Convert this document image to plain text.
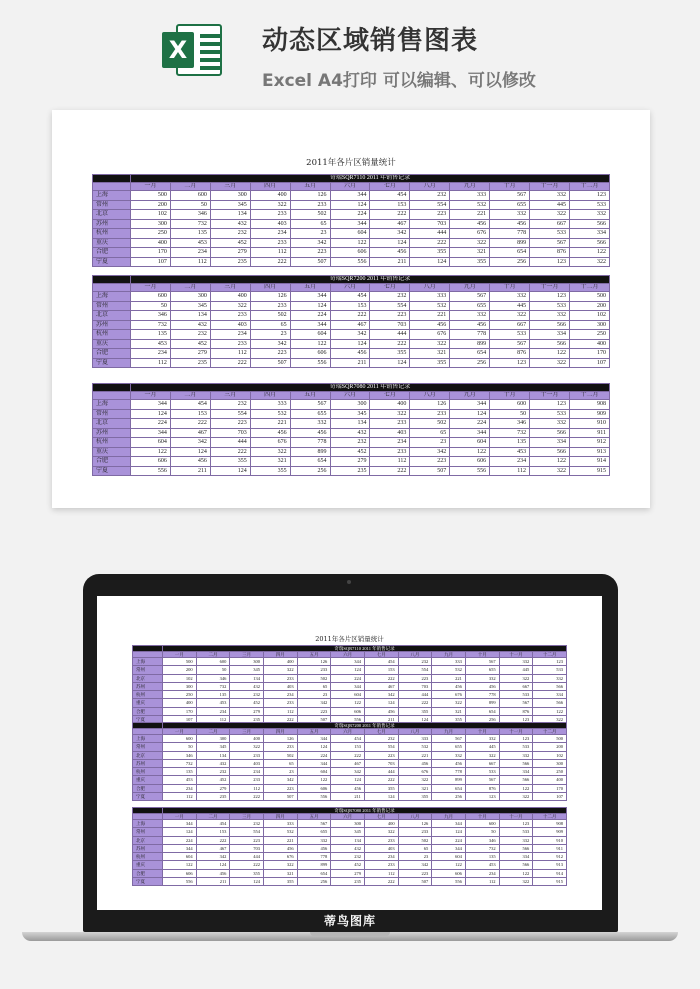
X	动态区域销售图表
Excel A4打印 可以编辑、可以修改
2011年各片区销量统计
	奇瑞SQR7110 2011 年销售记录											
	一月	二月	三月	四月	五月	六月	七月	八月	九月	十月	十一月	十二月
上海	500	600	300	400	126	344	454	232	333	567	332	123
常州	200	50	345	322	233	124	153	554	532	655	445	533
北京	102	346	134	233	502	224	222	223	221	332	322	332
苏州	300	732	432	403	65	344	467	703	456	456	667	566
杭州	250	135	232	234	23	604	342	444	676	778	533	334
重庆	400	453	452	233	342	122	124	222	322	899	567	566
合肥	170	234	279	112	223	606	456	355	321	654	876	122
宁夏	107	112	235	222	507	556	211	124	355	256	123	322
	奇瑞SQR7200 2011 年销售记录											
	一月	二月	三月	四月	五月	六月	七月	八月	九月	十月	十一月	十二月
上海	600	300	400	126	344	454	232	333	567	332	123	500
常州	50	345	322	233	124	153	554	532	655	445	533	200
北京	346	134	233	502	224	222	223	221	332	322	332	102
苏州	732	432	403	65	344	467	703	456	456	667	566	300
杭州	135	232	234	23	604	342	444	676	778	533	334	250
重庆	453	452	233	342	122	124	222	322	899	567	566	400
合肥	234	279	112	223	606	456	355	321	654	876	122	170
宁夏	112	235	222	507	556	211	124	355	256	123	322	107
	奇瑞SQR7080 2011 年销售记录											
	一月	二月	三月	四月	五月	六月	七月	八月	九月	十月	十一月	十二月
上海	344	454	232	333	567	300	400	126	344	600	123	908
常州	124	153	554	532	655	345	322	233	124	50	533	909
北京	224	222	223	221	332	134	233	502	224	346	332	910
苏州	344	467	703	456	456	432	403	65	344	732	566	911
杭州	604	342	444	676	778	232	234	23	604	135	334	912
重庆	122	124	222	322	899	452	233	342	122	453	566	913
合肥	606	456	355	321	654	279	112	223	606	234	122	914
宁夏	556	211	124	355	256	235	222	507	556	112	322	915
2011年各片区销量统计
	奇瑞SQR7110 2011 年销售记录											
	一月	二月	三月	四月	五月	六月	七月	八月	九月	十月	十一月	十二月
上海	500	600	300	400	126	344	454	232	333	567	332	123
常州	200	50	345	322	233	124	153	554	532	655	445	533
北京	102	346	134	233	502	224	222	223	221	332	322	332
苏州	300	732	432	403	65	344	467	703	456	456	667	566
杭州	250	135	232	234	23	604	342	444	676	778	533	334
重庆	400	453	452	233	342	122	124	222	322	899	567	566
合肥	170	234	279	112	223	606	456	355	321	654	876	122
宁夏	107	112	235	222	507	556	211	124	355	256	123	322
	奇瑞SQR7200 2011 年销售记录											
	一月	二月	三月	四月	五月	六月	七月	八月	九月	十月	十一月	十二月
上海	600	300	400	126	344	454	232	333	567	332	123	500
常州	50	345	322	233	124	153	554	532	655	445	533	200
北京	346	134	233	502	224	222	223	221	332	322	332	102
苏州	732	432	403	65	344	467	703	456	456	667	566	300
杭州	135	232	234	23	604	342	444	676	778	533	334	250
重庆	453	452	233	342	122	124	222	322	899	567	566	400
合肥	234	279	112	223	606	456	355	321	654	876	122	170
宁夏	112	235	222	507	556	211	124	355	256	123	322	107
	奇瑞SQR7080 2011 年销售记录											
	一月	二月	三月	四月	五月	六月	七月	八月	九月	十月	十一月	十二月
上海	344	454	232	333	567	300	400	126	344	600	123	908
常州	124	153	554	532	655	345	322	233	124	50	533	909
北京	224	222	223	221	332	134	233	502	224	346	332	910
苏州	344	467	703	456	456	432	403	65	344	732	566	911
杭州	604	342	444	676	778	232	234	23	604	135	334	912
重庆	122	124	222	322	899	452	233	342	122	453	566	913
合肥	606	456	355	321	654	279	112	223	606	234	122	914
宁夏	556	211	124	355	256	235	222	507	556	112	322	915
蒂鸟图库
